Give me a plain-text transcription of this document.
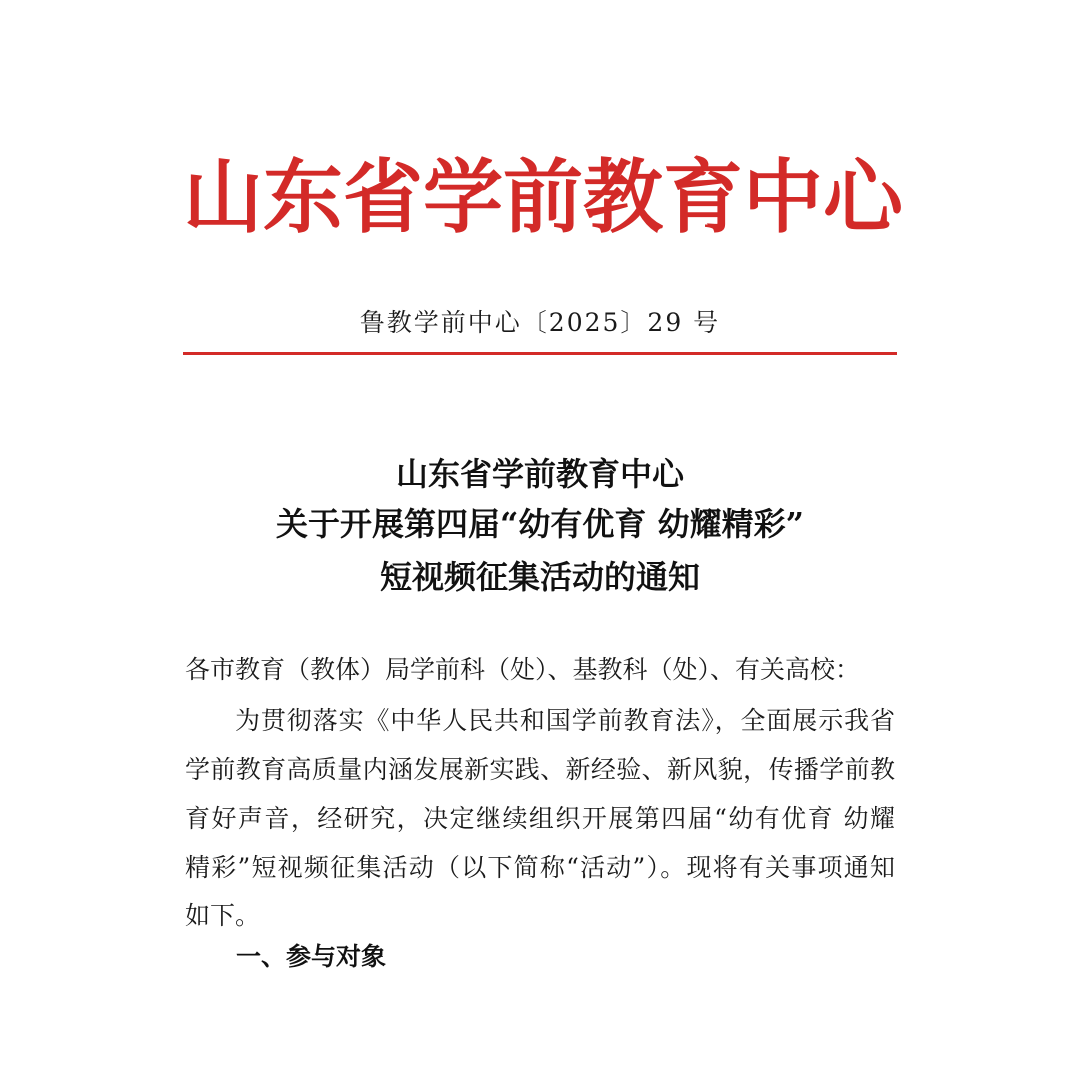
山 东 省 学 前 教 育 中 心
鲁教学前中心〔2025〕29 号
山东省学前教育中心
关于开展第四届“幼有优育 幼耀精彩”
短视频征集活动的通知
各市教育（教体）局学前科（处）、基教科（处）、有关高校：
为贯彻落实《中华人民共和国学前教育法》，全面展示我省
学前教育高质量内涵发展新实践、新经验、新风貌，传播学前教
育好声音，经研究，决定继续组织开展第四届“幼有优育 幼耀
精彩”短视频征集活动（以下简称“活动”）。现将有关事项通知
如下。
一、参与对象
